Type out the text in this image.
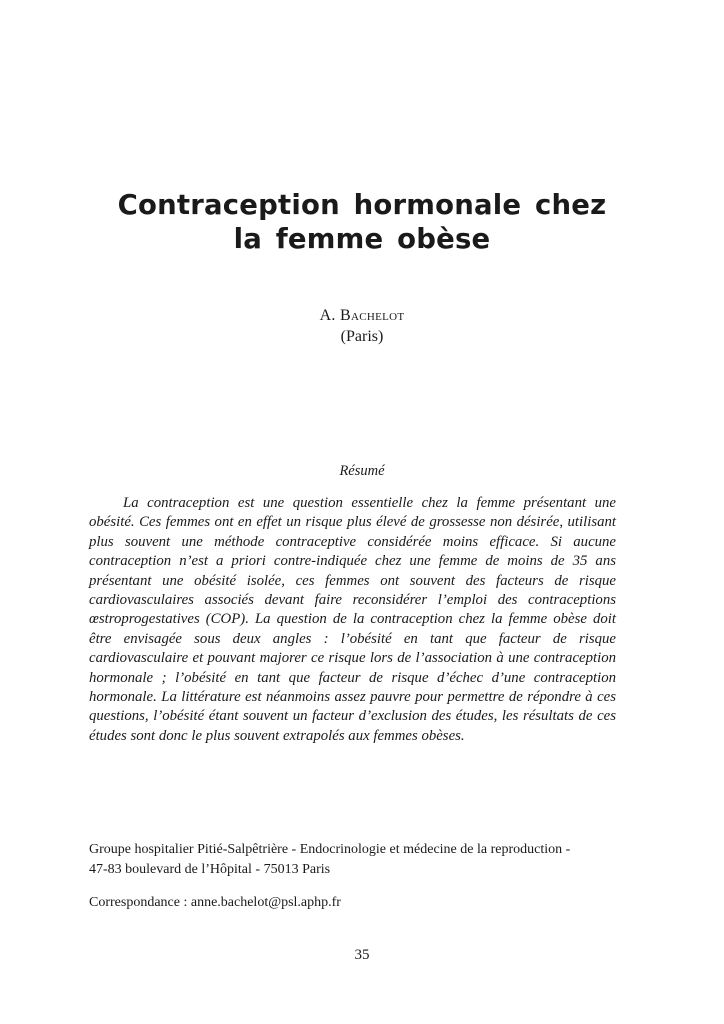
Contraception hormonale chez
la femme obèse
A. Bachelot
(Paris)
Résumé

La contraception est une question essentielle chez la femme présentant une obésité. Ces femmes ont en effet un risque plus élevé de grossesse non désirée, utilisant plus souvent une méthode contraceptive considérée moins efficace. Si aucune contraception n’est a priori contre-indiquée chez une femme de moins de 35 ans présentant une obésité isolée, ces femmes ont souvent des facteurs de risque cardiovasculaires associés devant faire reconsidérer l’emploi des contraceptions œstroprogestatives (COP). La question de la contraception chez la femme obèse doit être envisagée sous deux angles : l’obésité en tant que facteur de risque cardiovasculaire et pouvant majorer ce risque lors de l’association à une contraception hormonale ; l’obésité en tant que facteur de risque d’échec d’une contraception hormonale. La littérature est néanmoins assez pauvre pour permettre de répondre à ces questions, l’obésité étant souvent un facteur d’exclusion des études, les résultats de ces études sont donc le plus souvent extrapolés aux femmes obèses.

Groupe hospitalier Pitié-Salpêtrière - Endocrinologie et médecine de la reproduction -
47-83 boulevard de l’Hôpital - 75013 Paris

Correspondance : anne.bachelot@psl.aphp.fr

35
